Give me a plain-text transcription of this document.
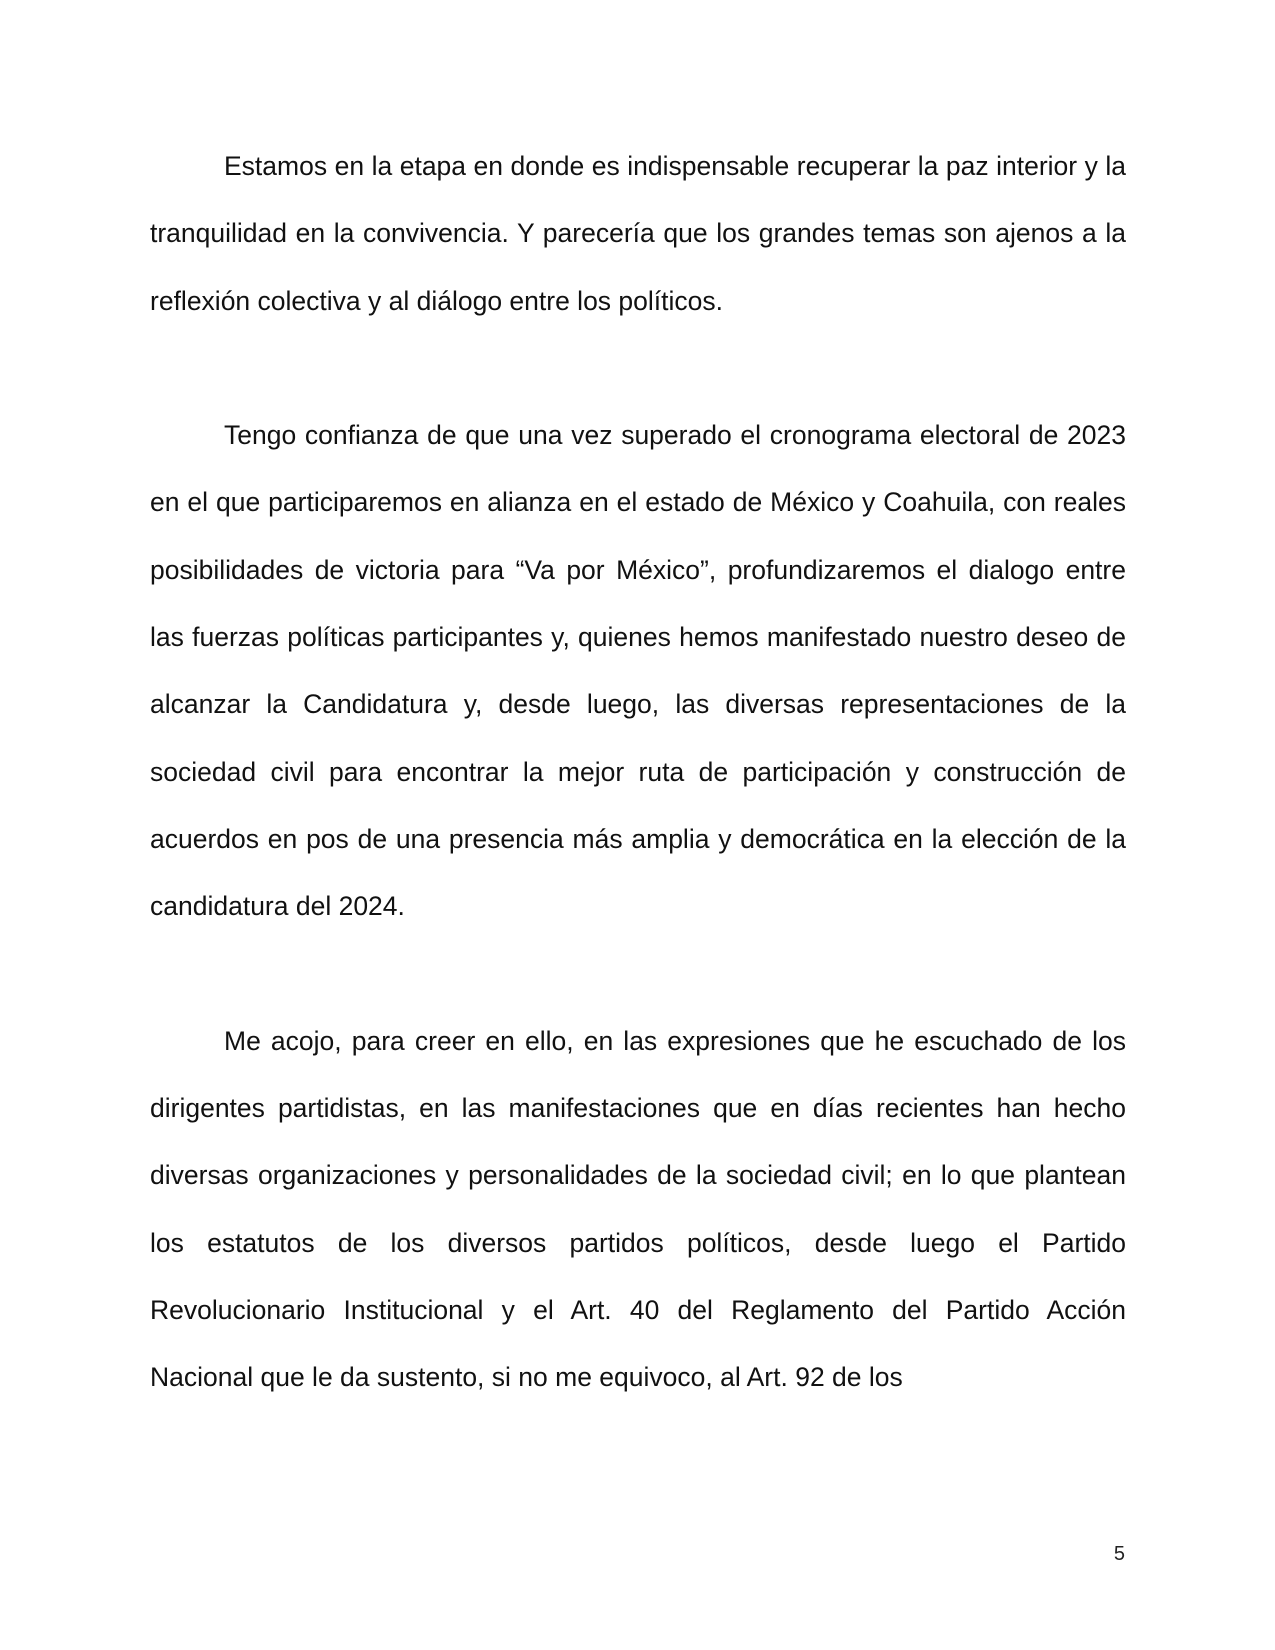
Estamos en la etapa en donde es indispensable recuperar la paz interior y la tranquilidad en la convivencia. Y parecería que los grandes temas son ajenos a la reflexión colectiva y al diálogo entre los políticos.

Tengo confianza de que una vez superado el cronograma electoral de 2023 en el que participaremos en alianza en el estado de México y Coahuila, con reales posibilidades de victoria para “Va por México”, profundizaremos el dialogo entre las fuerzas políticas participantes y, quienes hemos manifestado nuestro deseo de alcanzar la Candidatura y, desde luego, las diversas representaciones de la sociedad civil para encontrar la mejor ruta de participación y construcción de acuerdos en pos de una presencia más amplia y democrática en la elección de la candidatura del 2024.

Me acojo, para creer en ello, en las expresiones que he escuchado de los dirigentes partidistas, en las manifestaciones que en días recientes han hecho diversas organizaciones y personalidades de la sociedad civil; en lo que plantean los estatutos de los diversos partidos políticos, desde luego el Partido Revolucionario Institucional y el Art. 40 del Reglamento del Partido Acción Nacional que le da sustento, si no me equivoco, al Art. 92 de los

5
